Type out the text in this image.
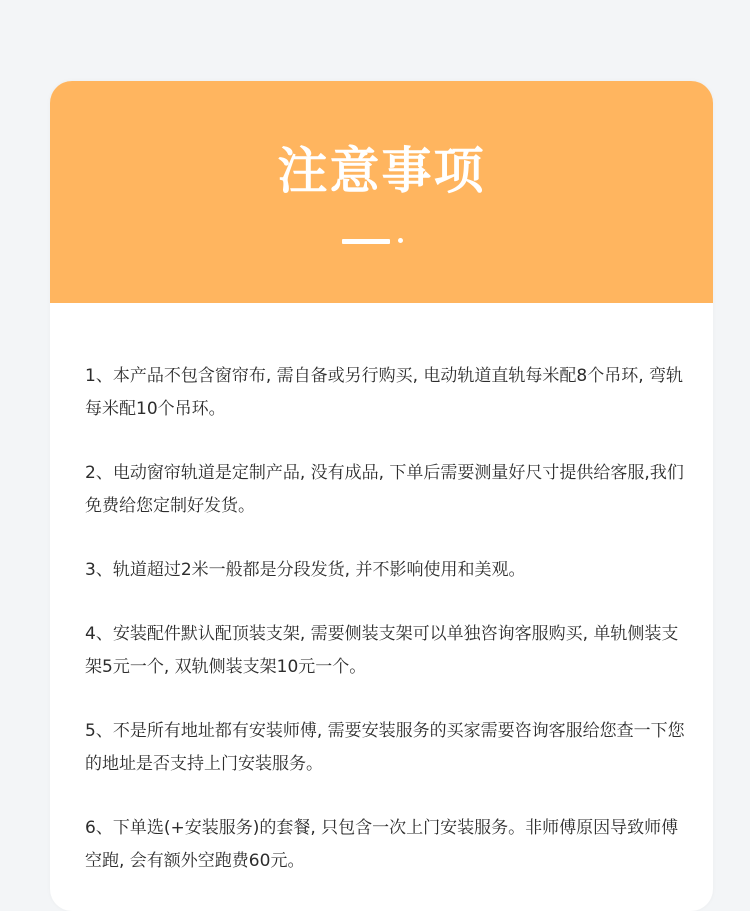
注意事项
1、本产品不包含窗帘布, 需自备或另行购买, 电动轨道直轨每米配8个吊环, 弯轨每米配10个吊环。
2、电动窗帘轨道是定制产品, 没有成品, 下单后需要测量好尺寸提供给客服,我们免费给您定制好发货。
3、轨道超过2米一般都是分段发货, 并不影响使用和美观。
4、安装配件默认配顶装支架, 需要侧装支架可以单独咨询客服购买, 单轨侧装支架5元一个, 双轨侧装支架10元一个。
5、不是所有地址都有安装师傅, 需要安装服务的买家需要咨询客服给您查一下您的地址是否支持上门安装服务。
6、下单选(+安装服务)的套餐, 只包含一次上门安装服务。非师傅原因导致师傅空跑, 会有额外空跑费60元。
